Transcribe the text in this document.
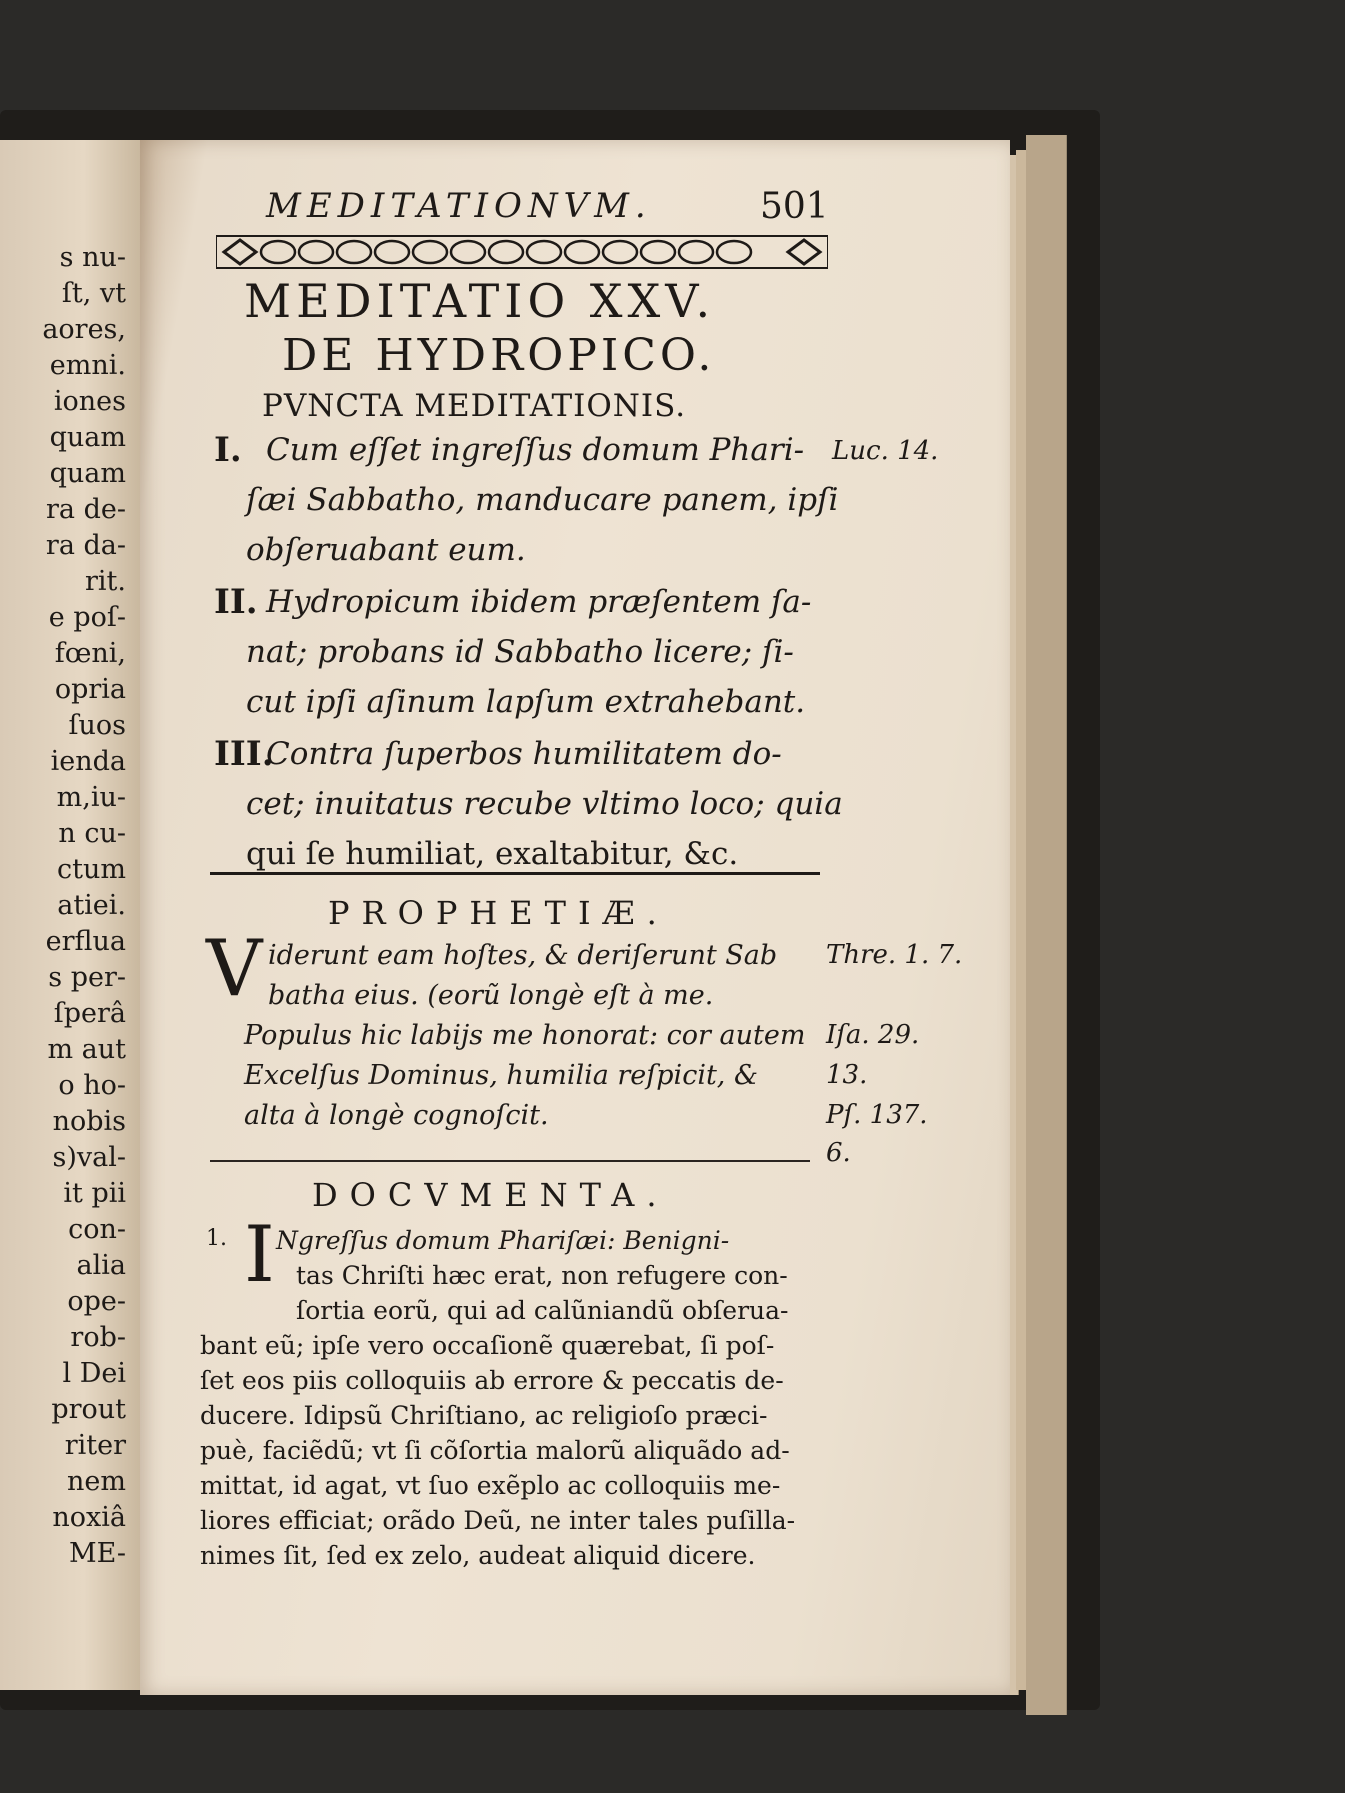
s nu-
ſt, vt
aores,
emni.
iones
quam
quam
ra de-
ra da-
rit.
e poſ-
fœni,
opria
ſuos
ienda
m,iu-
n cu-
ctum
atiei.
erflua
s per-
ſperâ
m aut
o ho-
nobis
s)val-
it pii
con-
alia
ope-
rob-
l Dei
prout
riter
nem
noxiâ
ME-
MEDITATIONVM.	501
MEDITATIO XXV.
DE HYDROPICO.
PVNCTA MEDITATIONIS.
I. Cum eſſet ingreſſus domum Phari-
ſæi Sabbatho, manducare panem, ipſi
obſeruabant eum.
Luc. 14.
II. Hydropicum ibidem præſentem ſa-
nat; probans id Sabbatho licere; ſi-
cut ipſi aſinum lapſum extrahebant.
III.
Contra ſuperbos humilitatem do-
cet; inuitatus recube vltimo loco; quia
qui ſe humiliat, exaltabitur, &c.
PROPHETIÆ.
V iderunt eam hoſtes, & deriſerunt Sab Thre. 1. 7.
batha eius. (eorũ longè eſt à me.
Populus hic labijs me honorat: cor autem Iſa. 29.
Excelſus Dominus, humilia reſpicit, &	13.
alta à longè cognoſcit.	Pſ. 137.
6.
DOCVMENTA.
1. I Ngreſſus domum Phariſæi: Benigni-
tas Chriſti hæc erat, non refugere con-
ſortia eorũ, qui ad calũniandũ obſerua-
bant eũ; ipſe vero occaſionẽ quærebat, ſi poſ-
ſet eos piis colloquiis ab errore & peccatis de-
ducere. Idipsũ Chriſtiano, ac religioſo præci-
puè, faciẽdũ; vt ſi cõſortia malorũ aliquãdo ad-
mittat, id agat, vt ſuo exẽplo ac colloquiis me-
liores efficiat; orãdo Deũ, ne inter tales puſilla-
nimes ſit, ſed ex zelo, audeat aliquid dicere.
